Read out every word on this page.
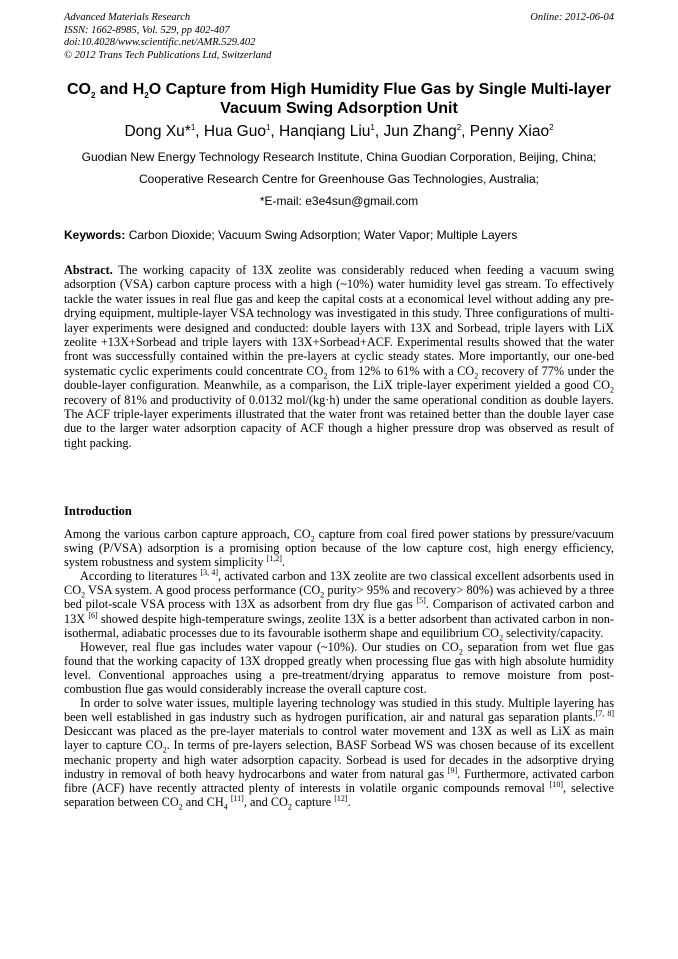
Advanced Materials Research
ISSN: 1662-8985, Vol. 529, pp 402-407
doi:10.4028/www.scientific.net/AMR.529.402
© 2012 Trans Tech Publications Ltd, Switzerland
Online: 2012-06-04
$CO_2$ and $H_2O$ Capture from High Humidity Flue Gas by Single Multi-layer
Vacuum Swing Adsorption Unit
Dong Xu*$^1$, Hua Guo$^1$, Hanqiang Liu$^1$, Jun Zhang$^2$, Penny Xiao$^2$
Guodian New Energy Technology Research Institute, China Guodian Corporation, Beijing, China;
Cooperative Research Centre for Greenhouse Gas Technologies, Australia;
*E-mail: e3e4sun@gmail.com
Keywords: Carbon Dioxide; Vacuum Swing Adsorption; Water Vapor; Multiple Layers
Abstract. The working capacity of 13X zeolite was considerably reduced when feeding a vacuum swing adsorption (VSA) carbon capture process with a high (~10%) water humidity level gas stream. To effectively tackle the water issues in real flue gas and keep the capital costs at a economical level without adding any pre-drying equipment, multiple-layer VSA technology was investigated in this study. Three configurations of multi-layer experiments were designed and conducted: double layers with 13X and Sorbead, triple layers with LiX zeolite +13X+Sorbead and triple layers with 13X+Sorbead+ACF. Experimental results showed that the water front was successfully contained within the pre-layers at cyclic steady states. More importantly, our one-bed systematic cyclic experiments could concentrate $CO_2$ from 12% to 61% with a $CO_2$ recovery of 77% under the double-layer configuration. Meanwhile, as a comparison, the LiX triple-layer experiment yielded a good $CO_2$ recovery of 81% and productivity of 0.0132 mol/(kg·h) under the same operational condition as double layers. The ACF triple-layer experiments illustrated that the water front was retained better than the double layer case due to the larger water adsorption capacity of ACF though a higher pressure drop was observed as result of tight packing.
Introduction

Among the various carbon capture approach, $CO_2$ capture from coal fired power stations by pressure/vacuum swing (P/VSA) adsorption is a promising option because of the low capture cost, high energy efficiency, system robustness and system simplicity [1,2].

According to literatures [3, 4], activated carbon and 13X zeolite are two classical excellent adsorbents used in $CO_2$ VSA system. A good process performance ($CO_2$ purity> 95% and recovery> 80%) was achieved by a three bed pilot-scale VSA process with 13X as adsorbent from dry flue gas [5]. Comparison of activated carbon and 13X [6] showed despite high-temperature swings, zeolite 13X is a better adsorbent than activated carbon in non-isothermal, adiabatic processes due to its favourable isotherm shape and equilibrium $CO_2$ selectivity/capacity.

However, real flue gas includes water vapour (~10%). Our studies on $CO_2$ separation from wet flue gas found that the working capacity of 13X dropped greatly when processing flue gas with high absolute humidity level. Conventional approaches using a pre-treatment/drying apparatus to remove moisture from post-combustion flue gas would considerably increase the overall capture cost.

In order to solve water issues, multiple layering technology was studied in this study. Multiple layering has been well established in gas industry such as hydrogen purification, air and natural gas separation plants.[7, 8] Desiccant was placed as the pre-layer materials to control water movement and 13X as well as LiX as main layer to capture $CO_2$. In terms of pre-layers selection, BASF Sorbead WS was chosen because of its excellent mechanic property and high water adsorption capacity. Sorbead is used for decades in the adsorptive drying industry in removal of both heavy hydrocarbons and water from natural gas [9]. Furthermore, activated carbon fibre (ACF) have recently attracted plenty of interests in volatile organic compounds removal [10], selective separation between $CO_2$ and $CH_4$ [11], and $CO_2$ capture [12].
